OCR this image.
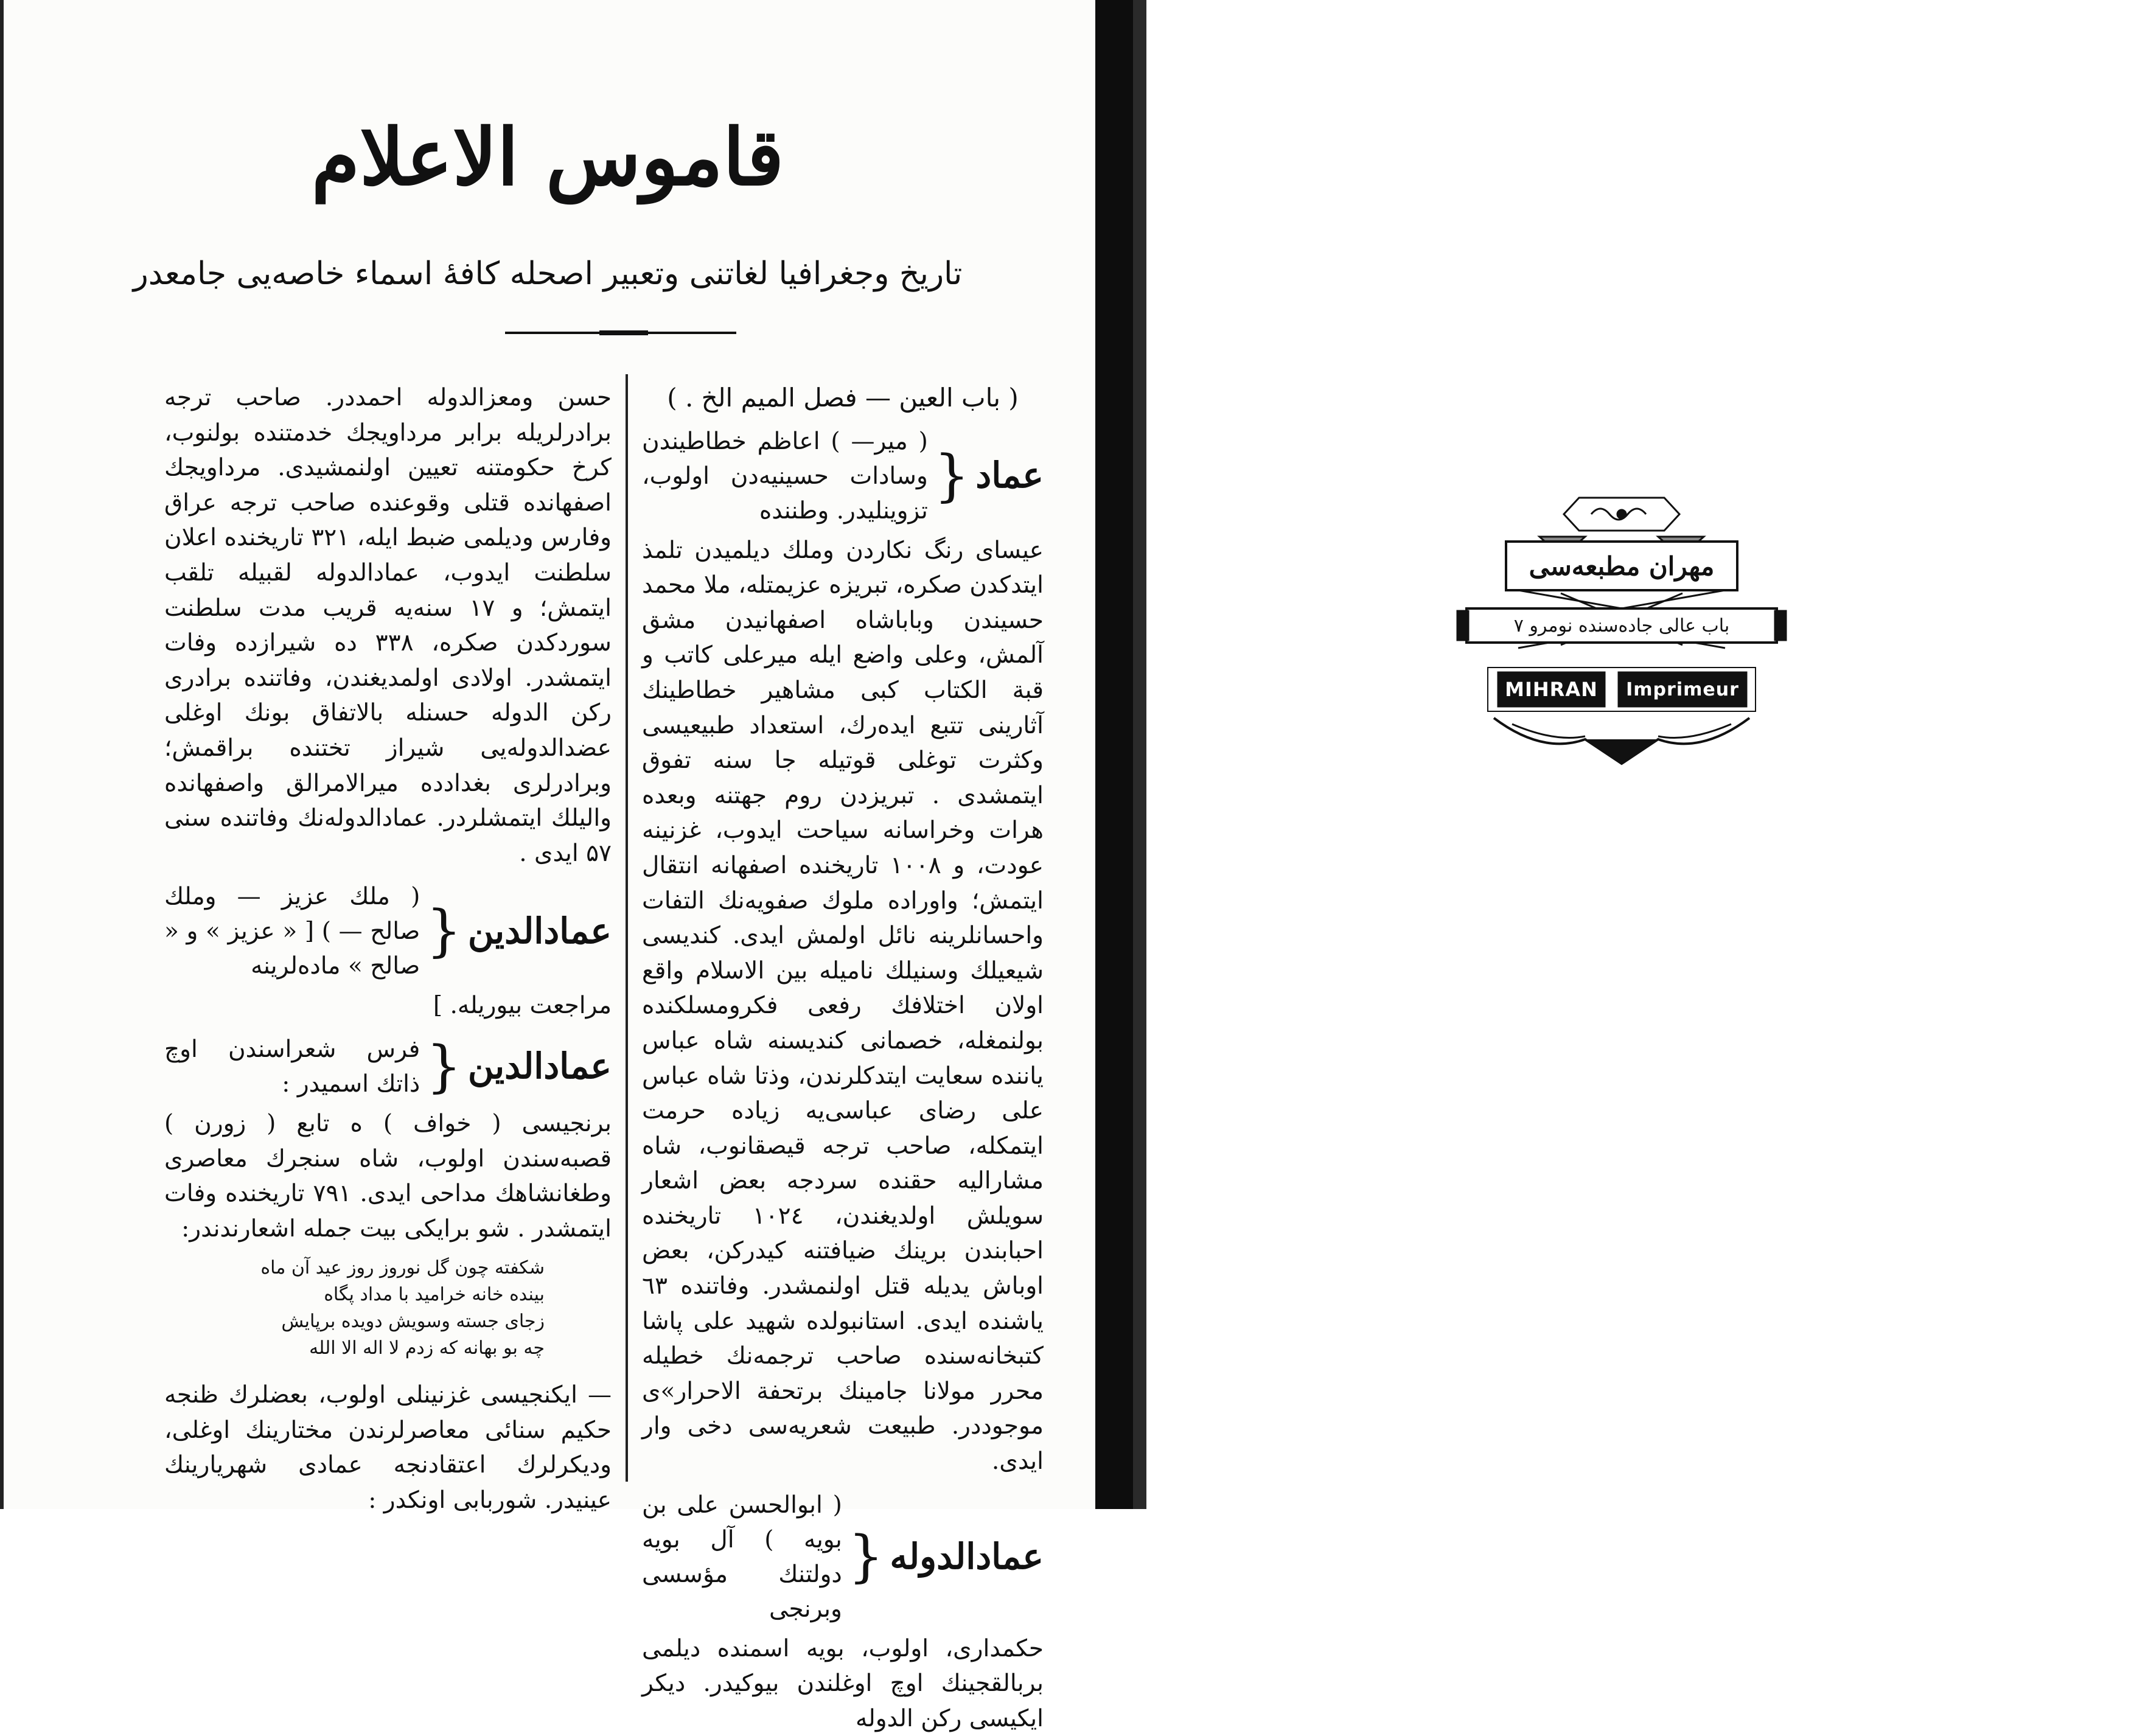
قاموس الاعلام
تاریخ وجغرافیا لغاتنی وتعبیر اصحله کافهٔ اسماء خاصه‌یی جامعدر
( باب العین — فصل المیم الخ . )
عماد
{
( میر— ) اعاظم خطاطیندن وسادات حسینیه‌دن اولوب، تزوینلیدر. وطننده

عیسای رنگ نکاردن وملك دیلمیدن تلمذ ایتدکدن صکره، تبریزه عزیمتله، ملا محمد حسیندن وباباشاه اصفهانیدن مشق آلمش، وعلی واضع ایله میرعلی کاتب و قبة الکتاب کبی مشاهیر خطاطینك آثارینی تتبع ایده‌رك، استعداد طبیعیسی وکثرت توغلی قوتیله جا سنه تفوق ایتمشدی . تبریزدن روم جهتنه وبعده هرات وخراسانه سیاحت ایدوب، غزنینه عودت، و ۱۰۰۸ تاریخنده اصفهانه انتقال ایتمش؛ واوراده ملوك صفویه‌نك التفات واحسانلرینه نائل اولمش ایدی. کندیسی شیعیلك وسنیلك نامیله بین الاسلام واقع اولان اختلافك رفعی فکرومسلکنده بولنمغله، خصمانی کندیسنه شاه عباس یاننده سعایت ایتدکلرندن، وذتا شاه عباس علی رضای عباسی‌یه زیاده حرمت ایتمکله، صاحب ترجه قیصقانوب، شاه مشارالیه حقنده سردجه بعض اشعار سویلش اولدیغندن، ۱۰۲٤ تاریخنده احبابندن برینك ضیافتنه کیدرکن، بعض اوباش یدیله قتل اولنمشدر. وفاتنده ٦۳ یاشنده ایدی. استانبولده شهید علی پاشا کتبخانه‌سنده صاحب ترجمه‌نك خطیله محرر مولانا جامینك برتحفة الاحرار»ی موجوددر. طبیعت شعریه‌سی دخی وار ایدی.

عمادالدوله
{
( ابوالحسن علی بن بویه ) آل بویه دولتنك مؤسسی وبرنجی

حکمداری، اولوب، بویه اسمنده دیلمی بربالقجینك اوچ اوغلندن بیوکیدر. دیکر ایکیسی رکن الدوله

حسن ومعزالدوله احمددر. صاحب ترجه برادرلریله برابر مرداویجك خدمتنده بولنوب، کرخ حکومتنه تعیین اولنمشیدی. مرداویجك اصفهانده قتلی وقوعنده صاحب ترجه عراق وفارس ودیلمی ضبط ایله، ۳۲۱ تاریخنده اعلان سلطنت ایدوب، عمادالدوله لقبیله تلقب ایتمش؛ و ۱۷ سنه‌یه قریب مدت سلطنت سوردکدن صکره، ۳۳۸ ده شیرازده وفات ایتمشدر. اولادی اولمدیغندن، وفاتنده برادری رکن الدوله حسنله بالاتفاق بونك اوغلی عضدالدوله‌یی شیراز تختنده براقمش؛ وبرادرلری بغدادده میرالامرالق واصفهانده والیلك ایتمشلردر. عمادالدوله‌نك وفاتنده سنی ۵۷ ایدی .

عمادالدین
{
( ملك عزیز — وملك صالح — ) [ « عزیز » و « صالح » ماده‌لرینه

مراجعت بیوریله. ]

عمادالدین
{
فرس شعراسندن اوچ ذاتك اسمیدر :

برنجیسی ( خواف ) ه تابع ( زورن ) قصبه‌سندن اولوب، شاه سنجرك معاصری وطغانشاهك مداحی ایدی. ۷۹۱ تاریخنده وفات ایتمشدر . شو برایکی بیت جمله اشعارندندر:

شکفته چون گل نوروز روز عید آن ماه
بینده خانه خرامید با مداد پگاه
زجای جسته وسویش دویده برپایش
چه بو بهانه که زدم لا اله الا الله

— ایکنجیسی غزنینلی اولوب، بعضلرك ظنجه حکیم سنائی معاصرلرندن مختارینك اوغلی، ودیکرلرك اعتقادنجه عمادی شهریارینك عینیدر. شوربابی اونکدر :

مهران مطبعه‌سی
باب عالی جاده‌سنده نومرو ۷
MIHRAN	Imprimeur
